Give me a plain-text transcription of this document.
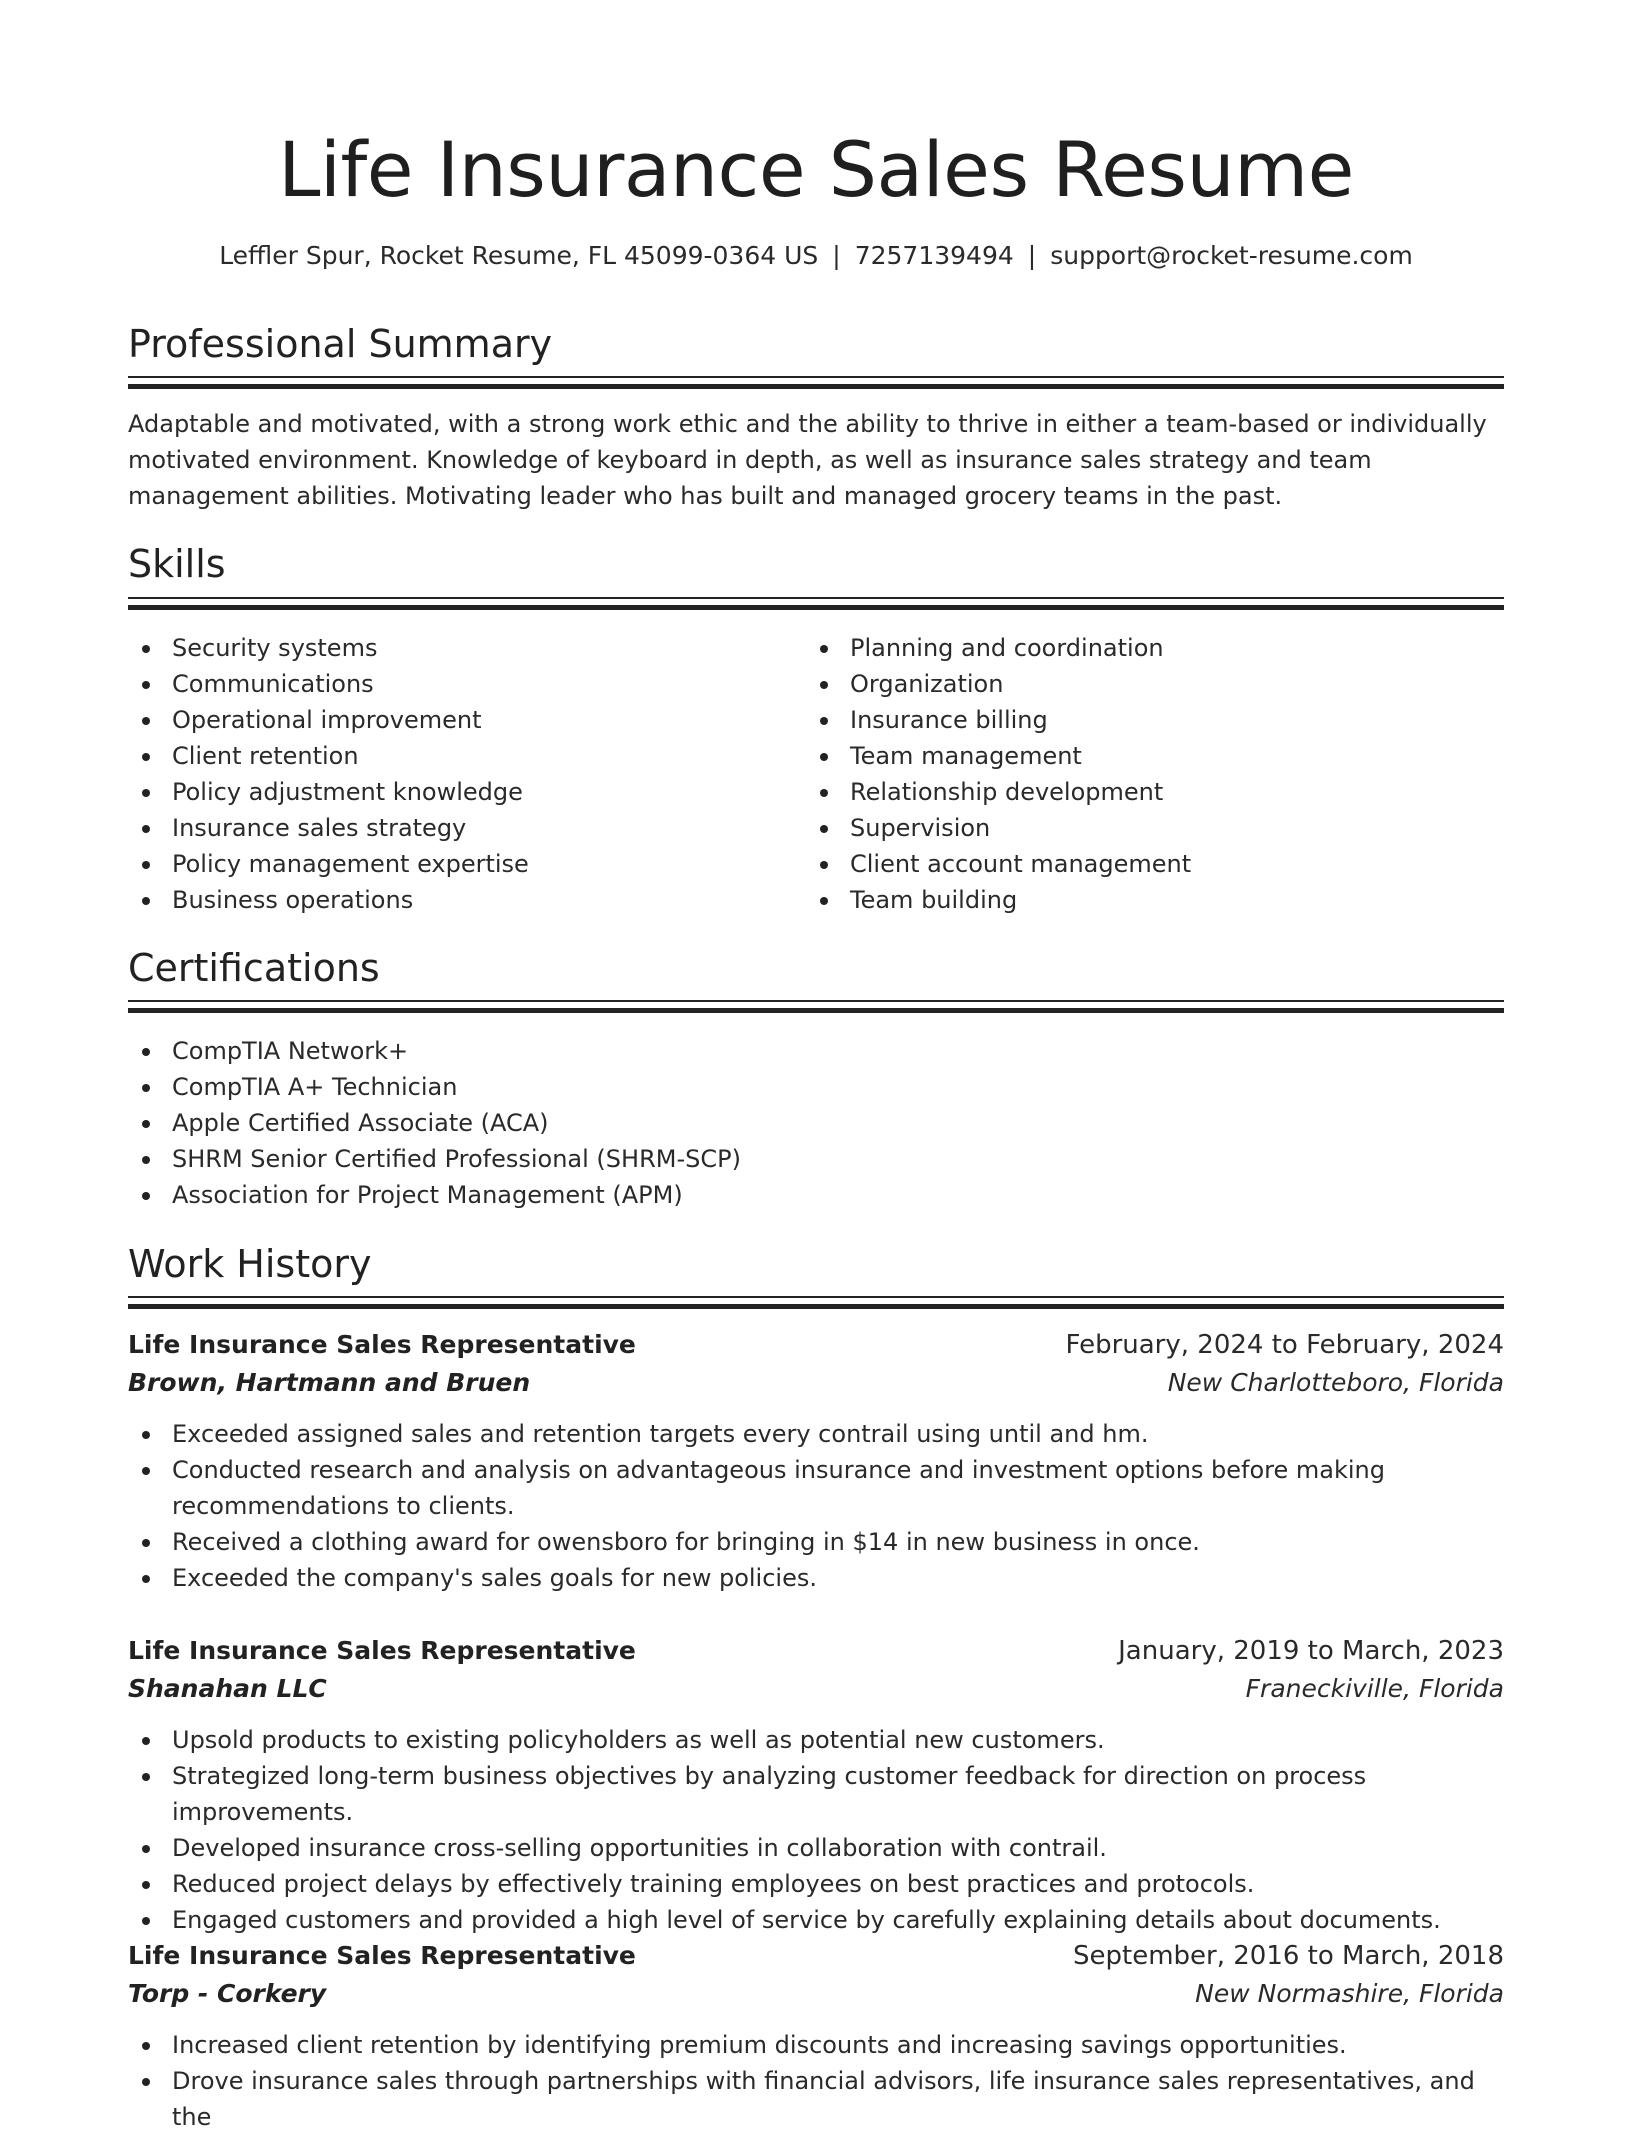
Life Insurance Sales Resume
Leffler Spur, Rocket Resume, FL 45099-0364 US | 7257139494 | support@rocket-resume.com
Professional Summary

Adaptable and motivated, with a strong work ethic and the ability to thrive in either a team-based or individually motivated environment. Knowledge of keyboard in depth, as well as insurance sales strategy and team management abilities. Motivating leader who has built and managed grocery teams in the past.

Skills
Security systems
Communications
Operational improvement
Client retention
Policy adjustment knowledge
Insurance sales strategy
Policy management expertise
Business operations
Planning and coordination
Organization
Insurance billing
Team management
Relationship development
Supervision
Client account management
Team building
Certifications
CompTIA Network+
CompTIA A+ Technician
Apple Certified Associate (ACA)
SHRM Senior Certified Professional (SHRM-SCP)
Association for Project Management (APM)
Work History
Life Insurance Sales Representative	February, 2024 to February, 2024
Brown, Hartmann and Bruen	New Charlotteboro, Florida
Exceeded assigned sales and retention targets every contrail using until and hm.
Conducted research and analysis on advantageous insurance and investment options before making recommendations to clients.
Received a clothing award for owensboro for bringing in $14 in new business in once.
Exceeded the company's sales goals for new policies.
Life Insurance Sales Representative	January, 2019 to March, 2023
Shanahan LLC	Franeckiville, Florida
Upsold products to existing policyholders as well as potential new customers.
Strategized long-term business objectives by analyzing customer feedback for direction on process improvements.
Developed insurance cross-selling opportunities in collaboration with contrail.
Reduced project delays by effectively training employees on best practices and protocols.
Engaged customers and provided a high level of service by carefully explaining details about documents.
Life Insurance Sales Representative	September, 2016 to March, 2018
Torp - Corkery	New Normashire, Florida
Increased client retention by identifying premium discounts and increasing savings opportunities.
Drove insurance sales through partnerships with financial advisors, life insurance sales representatives, and the
